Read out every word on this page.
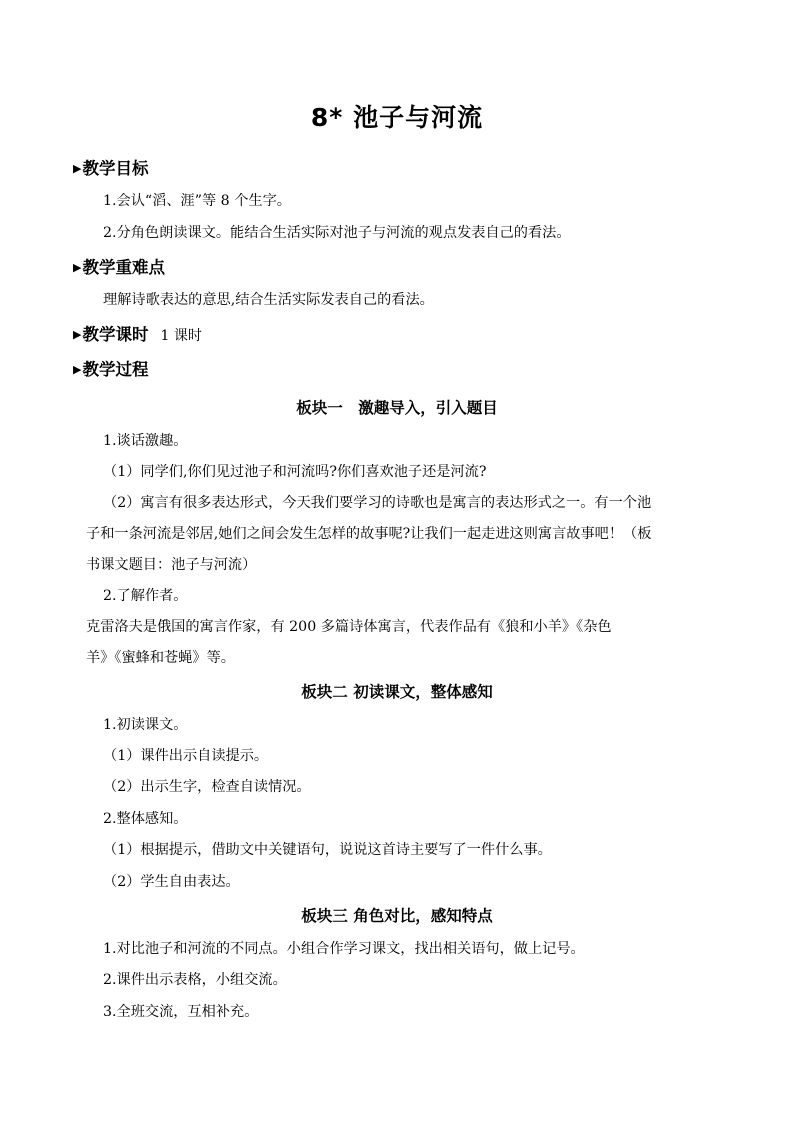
8* 池子与河流
▶教学目标
1.会认“滔、涯”等 8 个生字。
2.分角色朗读课文。能结合生活实际对池子与河流的观点发表自己的看法。
▶教学重难点
理解诗歌表达的意思,结合生活实际发表自己的看法。
▶教学课时 1 课时
▶教学过程
板块一　激趣导入，引入题目
1.谈话激趣。
（1）同学们,你们见过池子和河流吗?你们喜欢池子还是河流?
（2）寓言有很多表达形式，今天我们要学习的诗歌也是寓言的表达形式之一。有一个池
子和一条河流是邻居,她们之间会发生怎样的故事呢?让我们一起走进这则寓言故事吧！（板
书课文题目：池子与河流）
2.了解作者。
克雷洛夫是俄国的寓言作家，有 200 多篇诗体寓言，代表作品有《狼和小羊》《杂色
羊》《蜜蜂和苍蝇》等。
板块二 初读课文，整体感知
1.初读课文。
（1）课件出示自读提示。
（2）出示生字，检查自读情况。
2.整体感知。
（1）根据提示，借助文中关键语句，说说这首诗主要写了一件什么事。
（2）学生自由表达。
板块三 角色对比，感知特点
1.对比池子和河流的不同点。小组合作学习课文，找出相关语句，做上记号。
2.课件出示表格，小组交流。
3.全班交流，互相补充。
